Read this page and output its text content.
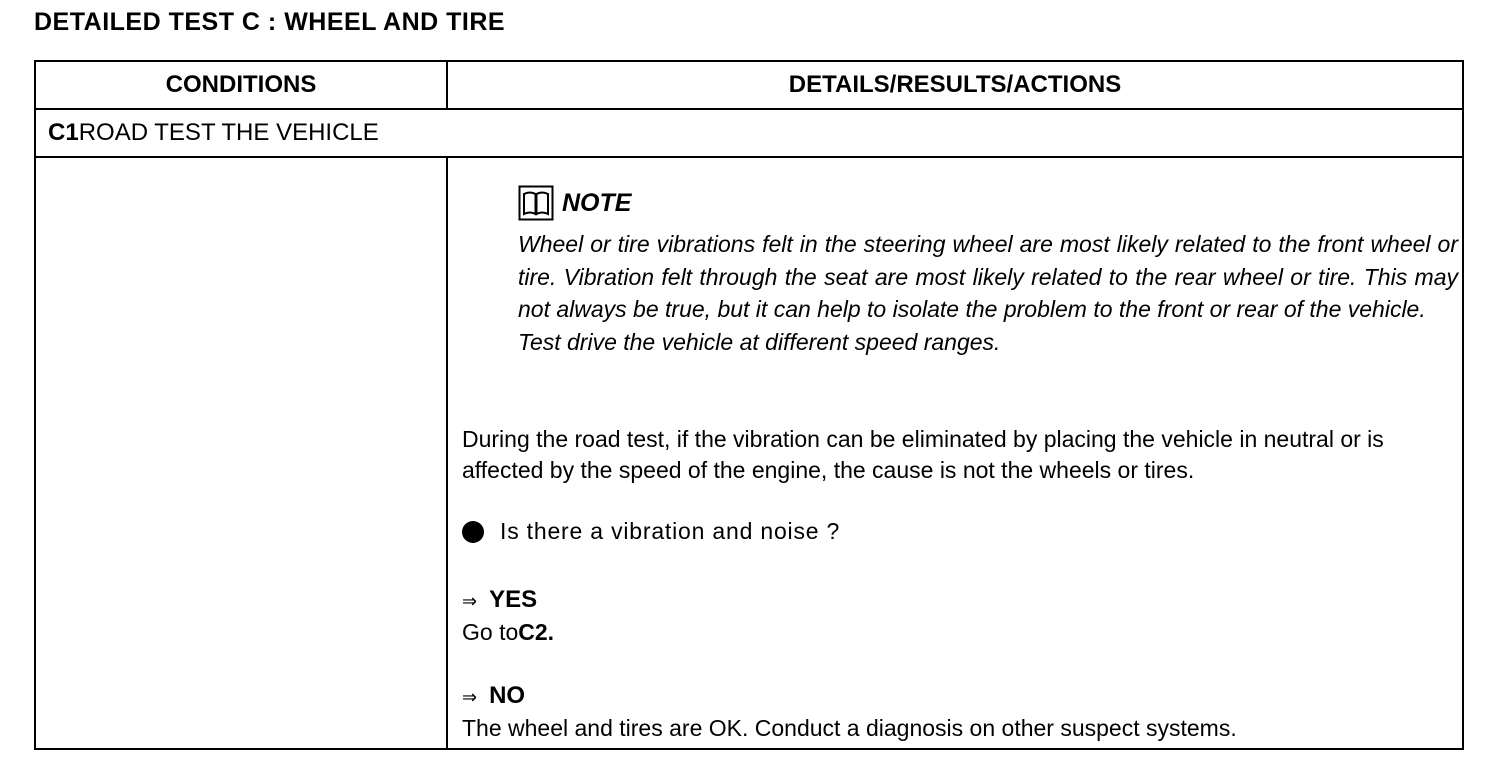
DETAILED TEST C : WHEEL AND TIRE
CONDITIONS	DETAILS/RESULTS/ACTIONS
C1ROAD TEST THE VEHICLE
NOTE
Wheel or tire vibrations felt in the steering wheel are most likely related to the front wheel or tire. Vibration felt through the seat are most likely related to the rear wheel or tire. This may not always be true, but it can help to isolate the problem to the front or rear of the vehicle.
Test drive the vehicle at different speed ranges.
During the road test, if the vibration can be eliminated by placing the vehicle in neutral or is affected by the speed of the engine, the cause is not the wheels or tires.
Is there a vibration and noise ?
⇒ YES
Go toC2.
⇒ NO
The wheel and tires are OK. Conduct a diagnosis on other suspect systems.
